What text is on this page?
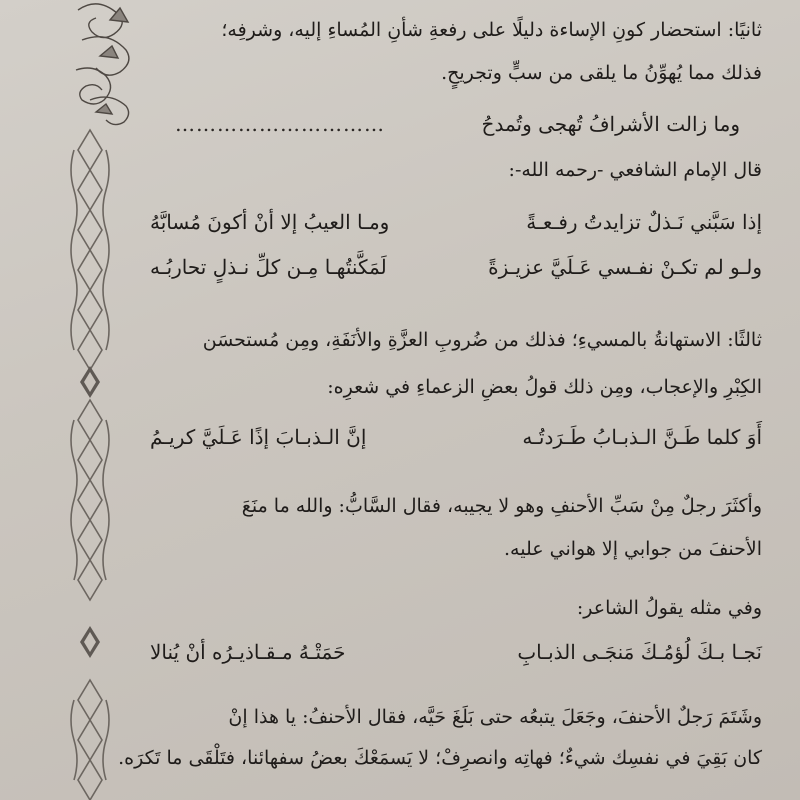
ثانيًا: استحضار كونِ الإساءة دليلًا على رفعةِ شأنِ المُساءِ إليه، وشرفِه؛
فذلك مما يُهوِّنُ ما يلقى من سبٍّ وتجريحٍ.
وما زالت الأشرافُ تُهجى وتُمدحُ
…………………………
قال الإمام الشافعي -رحمه الله-:
إذا سَبَّني نَـذلٌ تزايدتُ رفـعـةً
ومـا العيبُ إلا أنْ أكونَ مُسابَّهُ
ولـو لم تكـنْ نفـسي عَـلَيَّ عزيـزةً
لَمَكَّنتُهـا مِـن كلِّ نـذلٍ تحاربُـه
ثالثًا: الاستهانةُ بالمسيءِ؛ فذلك من ضُروبِ العزَّةِ والأنَفَةِ، ومِن مُستحسَن
الكِبْرِ والإعجاب، ومِن ذلك قولُ بعضِ الزعماءِ في شعرِه:
أَوَ كلما طَـنَّ الـذبـابُ طَـرَدتُـه
إنَّ الـذبـابَ إذًا عَـلَيَّ كريـمُ
وأكثَرَ رجلٌ مِنْ سَبِّ الأحنفِ وهو لا يجيبه، فقال السَّابُّ: والله ما منَعَ
الأحنفَ من جوابي إلا هواني عليه.
وفي مثله يقولُ الشاعر:
نَجـا بـكَ لُؤمُـكَ مَنجَـى الذبـابِ
حَمَتْـهُ مـقـاذيـرُه أنْ يُنالا
وشَتَمَ رَجلٌ الأحنفَ، وجَعَلَ يتبعُه حتى بَلَغَ حَيَّه، فقال الأحنفُ: يا هذا إنْ
كان بَقِيَ في نفسِك شيءٌ؛ فهاتِه وانصرِفْ؛ لا يَسمَعْكَ بعضُ سفهائنا، فتَلْقَى ما تَكرَه.
